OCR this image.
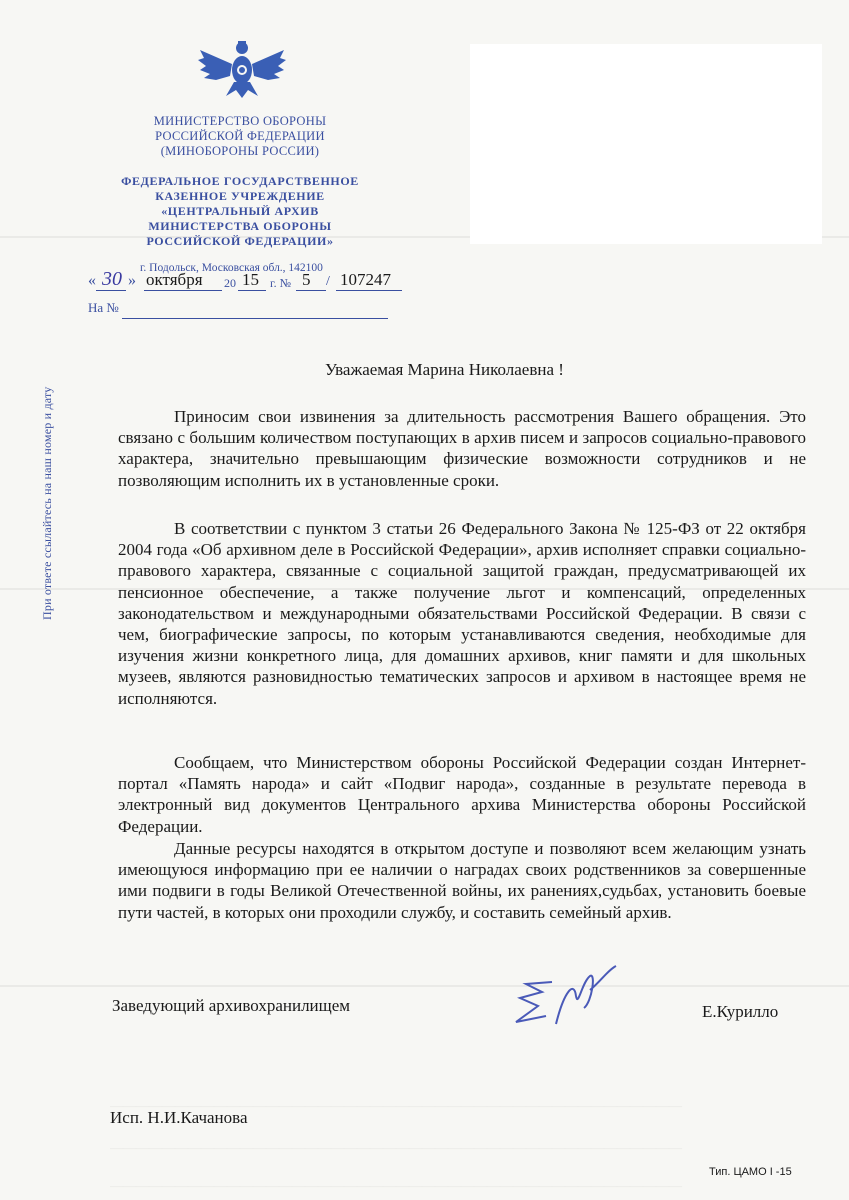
МИНИСТЕРСТВО ОБОРОНЫ
РОССИЙСКОЙ ФЕДЕРАЦИИ
(МИНОБОРОНЫ РОССИИ)
ФЕДЕРАЛЬНОЕ ГОСУДАРСТВЕННОЕ
КАЗЕННОЕ УЧРЕЖДЕНИЕ
«ЦЕНТРАЛЬНЫЙ АРХИВ
МИНИСТЕРСТВА ОБОРОНЫ
РОССИЙСКОЙ ФЕДЕРАЦИИ»
г. Подольск, Московская обл., 142100
« 30 » октября 20 15 г. № 5 / 107247
На №
При ответе ссылайтесь на наш номер и дату
Уважаемая Марина Николаевна !

Приносим свои извинения за длительность рассмотрения Вашего обращения. Это связано с большим количеством поступающих в архив писем и запросов социально-правового характера, значительно превышающим физические возможности сотрудников и не позволяющим исполнить их в установленные сроки.

В соответствии с пунктом 3 статьи 26 Федерального Закона № 125-ФЗ от 22 октября 2004 года «Об архивном деле в Российской Федерации», архив исполняет справки социально-правового характера, связанные с социальной защитой граждан, предусматривающей их пенсионное обеспечение, а также получение льгот и компенсаций, определенных законодательством и международными обязательствами Российской Федерации. В связи с чем, биографические запросы, по которым устанавливаются сведения, необходимые для изучения жизни конкретного лица, для домашних архивов, книг памяти и для школьных музеев, являются разновидностью тематических запросов и архивом в настоящее время не исполняются.

Сообщаем, что Министерством обороны Российской Федерации создан Интернет-портал «Память народа» и сайт «Подвиг народа», созданные в результате перевода в электронный вид документов Центрального архива Министерства обороны Российской Федерации.

Данные ресурсы находятся в открытом доступе и позволяют всем желающим узнать имеющуюся информацию при ее наличии о наградах своих родственников за совершенные ими подвиги в годы Великой Отечественной войны, их ранениях,судьбах, установить боевые пути частей, в которых они проходили службу, и составить семейный архив.

Заведующий архивохранилищем	Е.Курилло
————————————————————————————————————————————
————————————————————————————————————————————
————————————————————————————————————————————
Исп. Н.И.Качанова
Тип. ЦАМО I -15
